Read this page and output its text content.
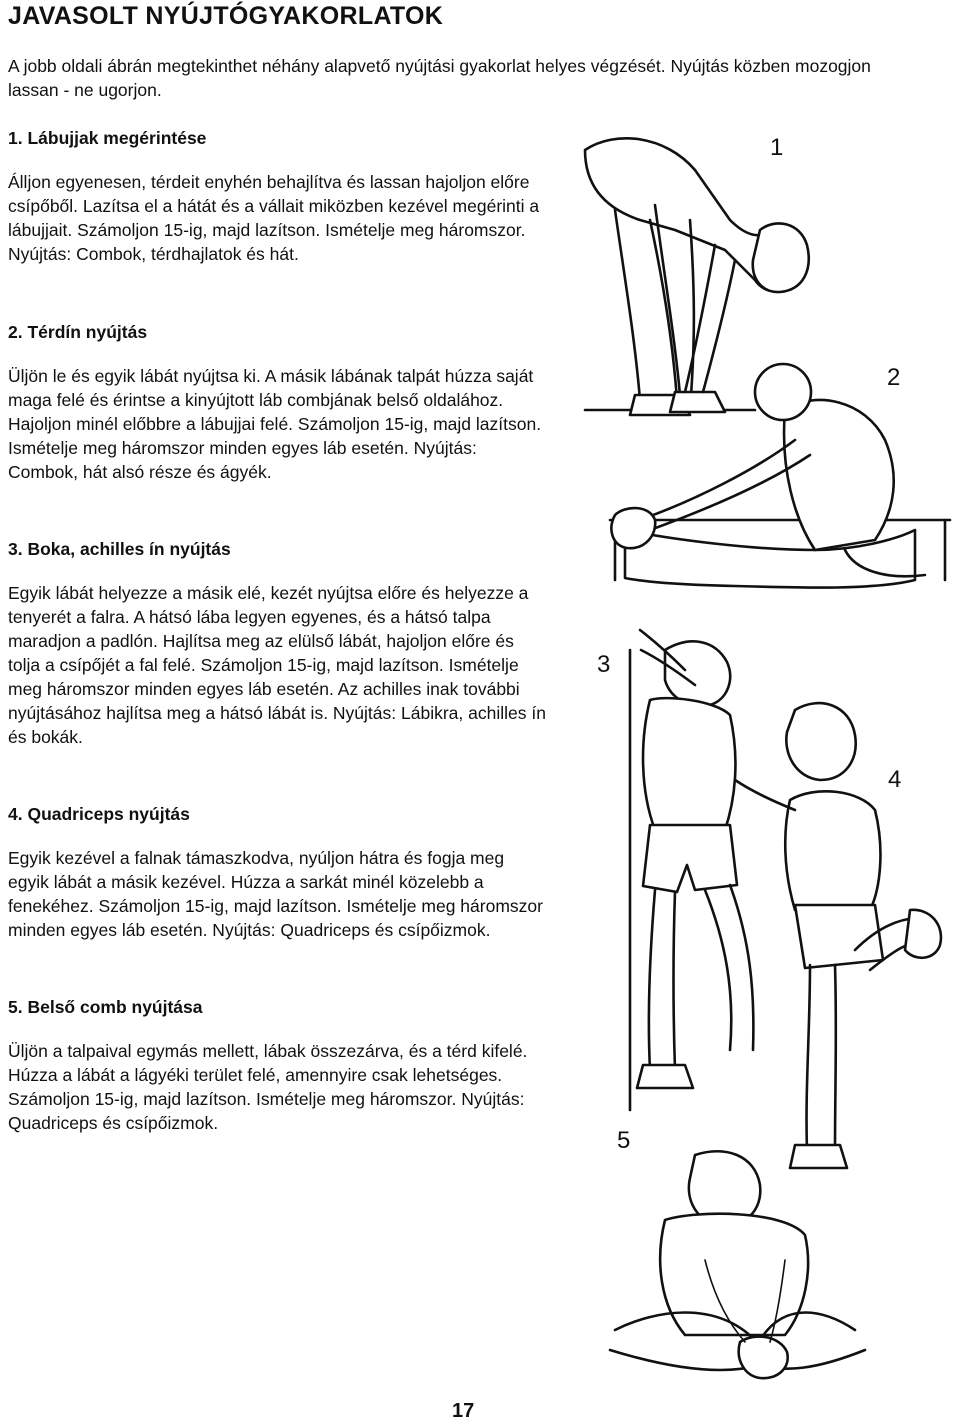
JAVASOLT NYÚJTÓGYAKORLATOK

A jobb oldali ábrán megtekinthet néhány alapvető nyújtási gyakorlat helyes végzését. Nyújtás közben mozogjon lassan - ne ugorjon.

1. Lábujjak megérintése

Álljon egyenesen, térdeit enyhén behajlítva és lassan hajoljon előre csípőből. Lazítsa el a hátát és a vállait miközben kezével megérinti a lábujjait. Számoljon 15-ig, majd lazítson. Ismételje meg háromszor. Nyújtás: Combok, térdhajlatok és hát.

2. Térdín nyújtás

Üljön le és egyik lábát nyújtsa ki. A másik lábának talpát húzza saját maga felé és érintse a kinyújtott láb combjának belső oldalához. Hajoljon minél előbbre a lábujjai felé. Számoljon 15-ig, majd lazítson. Ismételje meg háromszor minden egyes láb esetén. Nyújtás: Combok, hát alsó része és ágyék.

3. Boka, achilles ín nyújtás

Egyik lábát helyezze a másik elé, kezét nyújtsa előre és helyezze a tenyerét a falra. A hátsó lába legyen egyenes, és a hátsó talpa maradjon a padlón. Hajlítsa meg az elülső lábát, hajoljon előre és tolja a csípőjét a fal felé. Számoljon 15-ig, majd lazítson. Ismételje meg háromszor minden egyes láb esetén. Az achilles inak további nyújtásához hajlítsa meg a hátsó lábát is. Nyújtás: Lábikra, achilles ín és bokák.

4. Quadriceps nyújtás

Egyik kezével a falnak támaszkodva, nyúljon hátra és fogja meg egyik lábát a másik kezével. Húzza a sarkát minél közelebb a fenekéhez. Számoljon 15-ig, majd lazítson. Ismételje meg háromszor minden egyes láb esetén. Nyújtás: Quadriceps és csípőizmok.

5. Belső comb nyújtása

Üljön a talpaival egymás mellett, lábak összezárva, és a térd kifelé. Húzza a lábát a lágyéki terület felé, amennyire csak lehetséges. Számoljon 15-ig, majd lazítson. Ismételje meg háromszor. Nyújtás: Quadriceps és csípőizmok.

1
2
3
4
5

17
